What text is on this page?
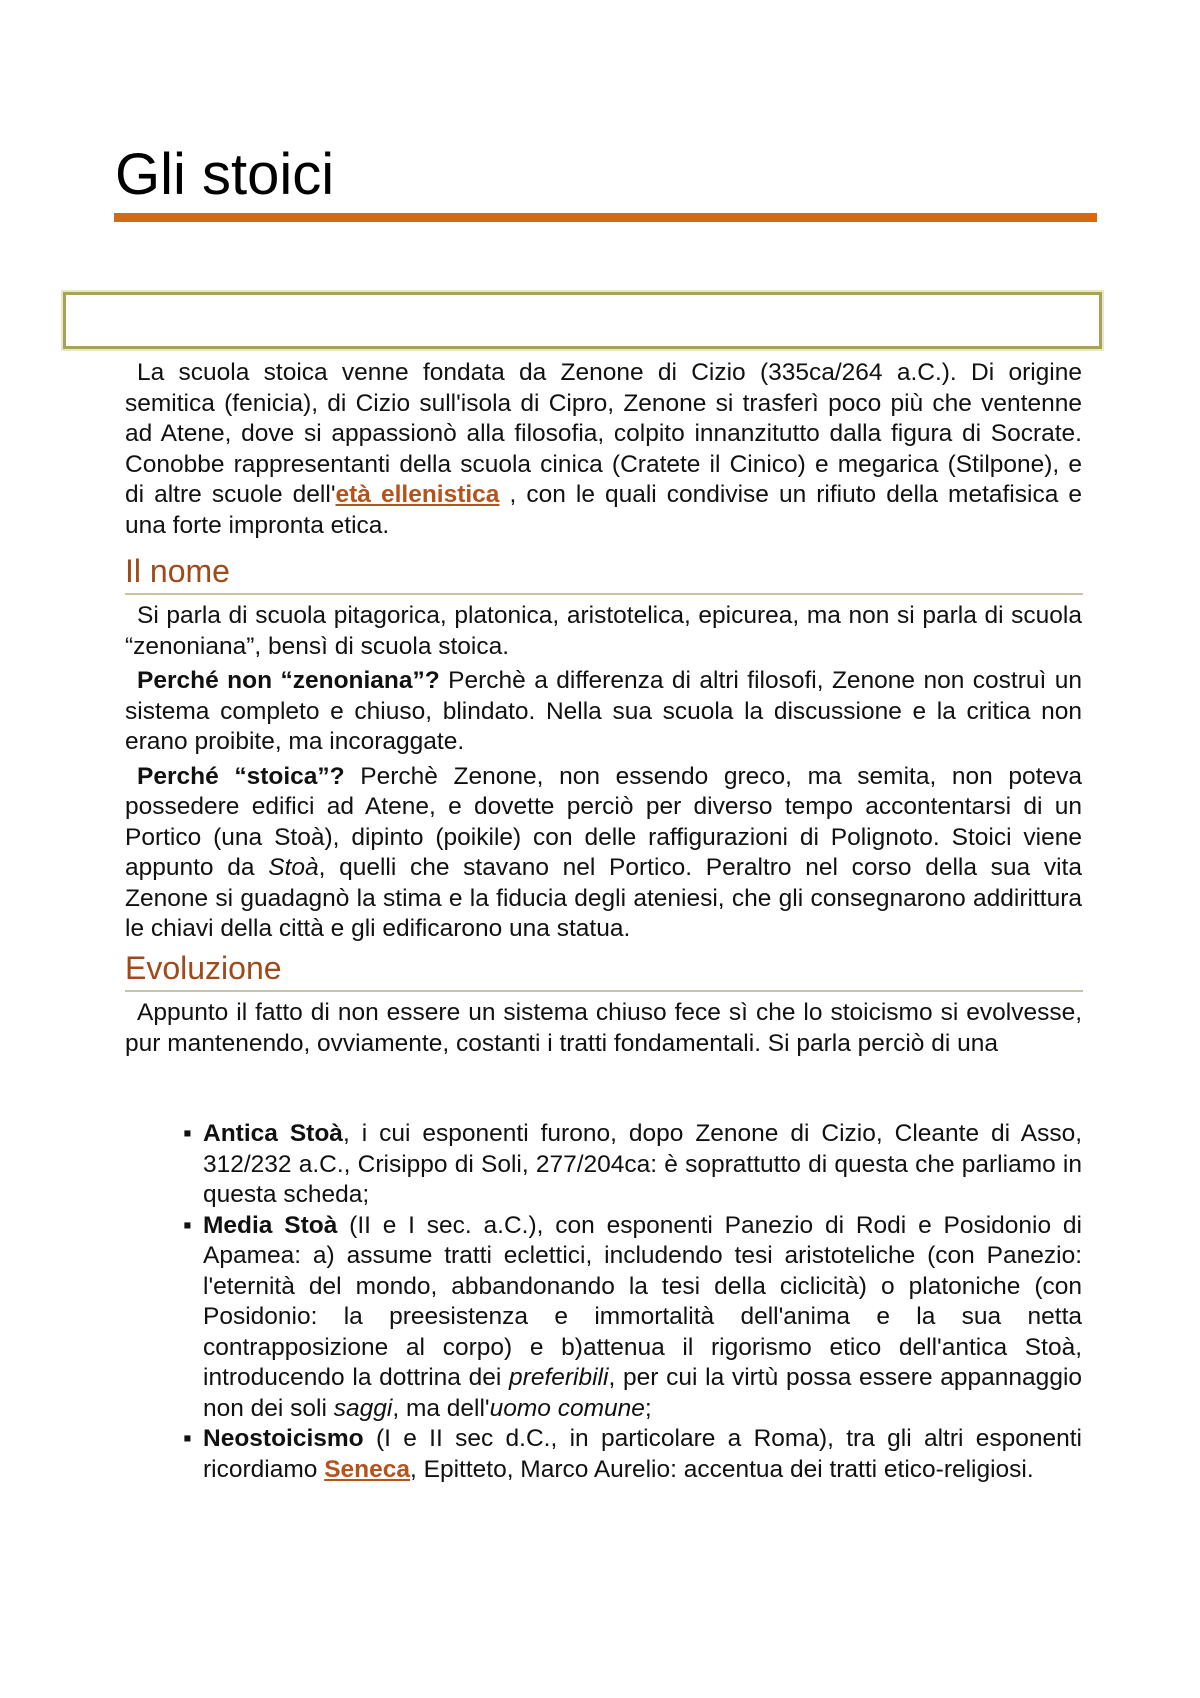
Gli stoici

La scuola stoica venne fondata da Zenone di Cizio (335ca/264 a.C.). Di origine semitica (fenicia), di Cizio sull'isola di Cipro, Zenone si trasferì poco più che ventenne ad Atene, dove si appassionò alla filosofia, colpito innanzitutto dalla figura di Socrate. Conobbe rappresentanti della scuola cinica (Cratete il Cinico) e megarica (Stilpone), e di altre scuole dell'età ellenistica , con le quali condivise un rifiuto della metafisica e una forte impronta etica.

Il nome

Si parla di scuola pitagorica, platonica, aristotelica, epicurea, ma non si parla di scuola “zenoniana”, bensì di scuola stoica.

Perché non “zenoniana”? Perchè a differenza di altri filosofi, Zenone non costruì un sistema completo e chiuso, blindato. Nella sua scuola la discussione e la critica non erano proibite, ma incoraggate.

Perché “stoica”? Perchè Zenone, non essendo greco, ma semita, non poteva possedere edifici ad Atene, e dovette perciò per diverso tempo accontentarsi di un Portico (una Stoà), dipinto (poikile) con delle raffigurazioni di Polignoto. Stoici viene appunto da Stoà, quelli che stavano nel Portico. Peraltro nel corso della sua vita Zenone si guadagnò la stima e la fiducia degli ateniesi, che gli consegnarono addirittura le chiavi della città e gli edificarono una statua.

Evoluzione

Appunto il fatto di non essere un sistema chiuso fece sì che lo stoicismo si evolvesse, pur mantenendo, ovviamente, costanti i tratti fondamentali. Si parla perciò di una

▪ Antica Stoà, i cui esponenti furono, dopo Zenone di Cizio, Cleante di Asso, 312/232 a.C., Crisippo di Soli, 277/204ca: è soprattutto di questa che parliamo in questa scheda;
▪ Media Stoà (II e I sec. a.C.), con esponenti Panezio di Rodi e Posidonio di Apamea: a) assume tratti eclettici, includendo tesi aristoteliche (con Panezio: l'eternità del mondo, abbandonando la tesi della ciclicità) o platoniche (con Posidonio: la preesistenza e immortalità dell'anima e la sua netta contrapposizione al corpo) e b)attenua il rigorismo etico dell'antica Stoà, introducendo la dottrina dei preferibili, per cui la virtù possa essere appannaggio non dei soli saggi, ma dell'uomo comune;
▪ Neostoicismo (I e II sec d.C., in particolare a Roma), tra gli altri esponenti ricordiamo Seneca, Epitteto, Marco Aurelio: accentua dei tratti etico-religiosi.
